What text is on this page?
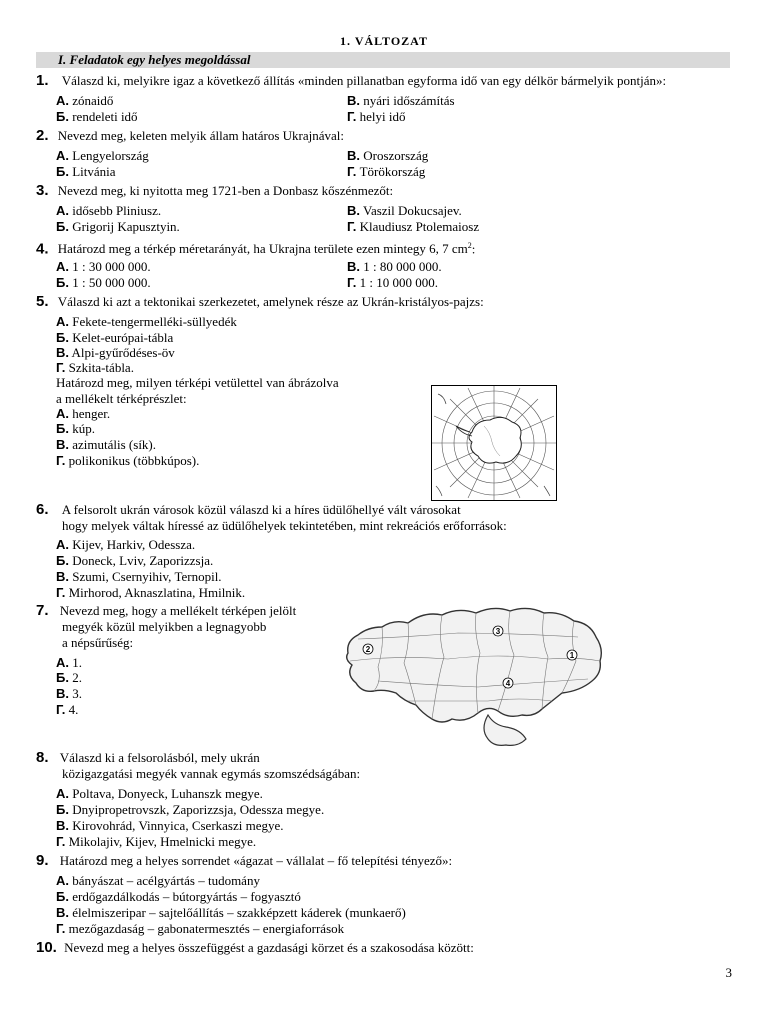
1. VÁLTOZAT
I. Feladatok egy helyes megoldással
1. Válaszd ki, melyikre igaz a következő állítás «minden pillanatban egyforma idő van egy délkör bármelyik pontján»:
A. zónaidő	B. nyári időszámítás
Б. rendeleti idő	Г. helyi idő
2. Nevezd meg, keleten melyik állam határos Ukrajnával:
A. Lengyelország	B. Oroszország
Б. Litvánia	Г. Törökország
3. Nevezd meg, ki nyitotta meg 1721-ben a Donbasz kőszénmezőt:
A. idősebb Pliniusz.	B. Vaszil Dokucsajev.
Б. Grigorij Kapusztyin.	Г. Klaudiusz Ptolemaiosz
4. Határozd meg a térkép méretarányát, ha Ukrajna területe ezen mintegy 6, 7 $cm^2$:
A. 1 : 30 000 000.	B. 1 : 80 000 000.
Б. 1 : 50 000 000.	Г. 1 : 10 000 000.
5. Válaszd ki azt a tektonikai szerkezetet, amelynek része az Ukrán-kristályos-pajzs:
A. Fekete-tengermelléki-süllyedék
Б. Kelet-európai-tábla
B. Alpi-gyűrődéses-öv
Г. Szkita-tábla.
Határozd meg, milyen térképi vetülettel van ábrázolva
a mellékelt térképrészlet:
A. henger.
Б. kúp.
B. azimutális (sík).
Г. polikonikus (többkúpos).
6. A felsorolt ukrán városok közül válaszd ki a híres üdülőhellyé vált városokat
hogy melyek váltak híressé az üdülőhelyek tekintetében, mint rekreációs erőforrások:
A. Kijev, Harkiv, Odessza.
Б. Doneck, Lviv, Zaporizzsja.
B. Szumi, Csernyihiv, Ternopil.
Г. Mirhorod, Aknaszlatina, Hmilnik.
7. Nevezd meg, hogy a mellékelt térképen jelölt
megyék közül melyikben a legnagyobb
a népsűrűség:
A. 1.
Б. 2.
B. 3.
Г. 4.
2
1
3
4
8. Válaszd ki a felsorolásból, mely ukrán
közigazgatási megyék vannak egymás szomszédságában:
A. Poltava, Donyeck, Luhanszk megye.
Б. Dnyipropetrovszk, Zaporizzsja, Odessza megye.
B. Kirovohrád, Vinnyica, Cserkaszi megye.
Г. Mikolajiv, Kijev, Hmelnicki megye.
9. Határozd meg a helyes sorrendet «ágazat – vállalat – fő telepítési tényező»:
A. bányászat – acélgyártás – tudomány
Б. erdőgazdálkodás – bútorgyártás – fogyasztó
B. élelmiszeripar – sajtelőállítás – szakképzett káderek (munkaerő)
Г. mezőgazdaság – gabonatermesztés – energiaforrások
10. Nevezd meg a helyes összefüggést a gazdasági körzet és a szakosodása között:
3
